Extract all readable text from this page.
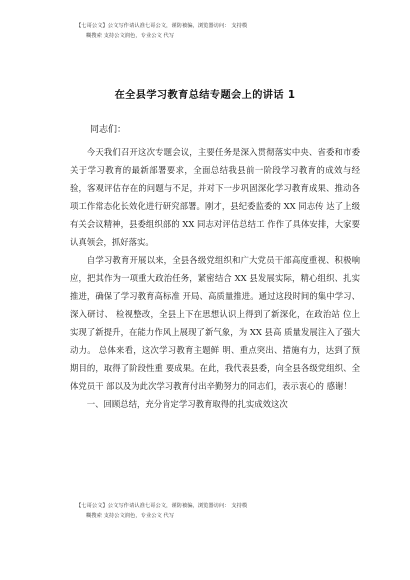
【七哥公文】公文写作请认准七哥公文，谨防被骗，浏览器访问： 支持模
糊搜索 支持公文润色，专业公文 代写
在全县学习教育总结专题会上的讲话 1
同志们：

今天我们召开这次专题会议，主要任务是深入贯彻落实中央、省委和市委关于学习教育的最新部署要求，全面总结我县前一阶段学习教育的成效与经验，客观评估存在的问题与不足，并对下一步巩固深化学习教育成果、推动各项工作常态化长效化进行研究部署。刚才，县纪委监委的 XX 同志传 达了上级有关会议精神，县委组织部的 XX 同志对评估总结工 作作了具体安排，大家要认真领会，抓好落实。

自学习教育开展以来，全县各级党组织和广大党员干部高度重视、积极响应，把其作为一项重大政治任务，紧密结合 XX 县发展实际，精心组织、扎实推进，确保了学习教育高标准 开局、高质量推进。通过这段时间的集中学习、深入研讨、 检视整改，全县上下在思想认识上得到了新深化，在政治站 位上实现了新提升，在能力作风上展现了新气象，为 XX 县高 质量发展注入了强大动力。 总体来看，这次学习教育主题鲜 明、重点突出、措施有力，达到了预期目的，取得了阶段性重 要成果。在此，我代表县委，向全县各级党组织、全体党员干 部以及为此次学习教育付出辛勤努力的同志们，表示衷心的 感谢！

一、回顾总结，充分肯定学习教育取得的扎实成效这次

【七哥公文】公文写作请认准七哥公文，谨防被骗，浏览器访问： 支持模
糊搜索 支持公文润色，专业公文 代写
